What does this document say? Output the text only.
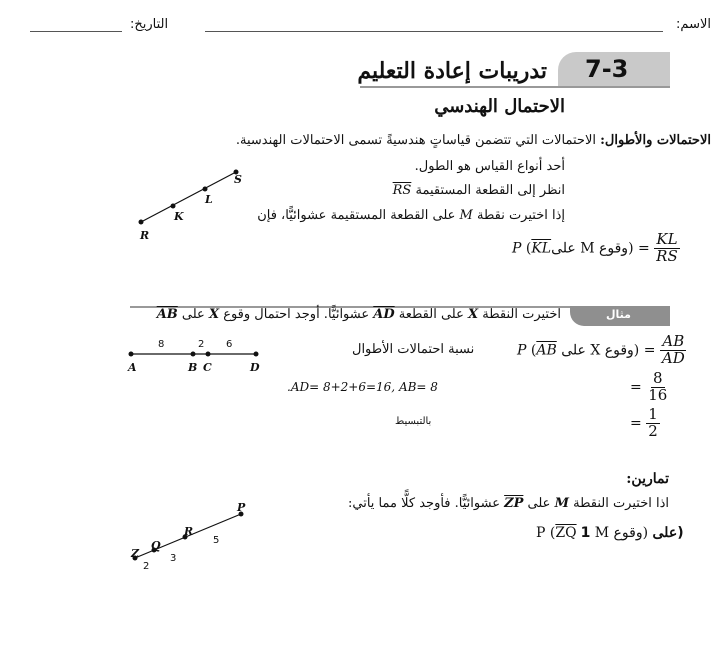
الاسم:
التاريخ:
7-3
تدريبات إعادة التعليم
الاحتمال الهندسي
الاحتمالات والأطوال: الاحتمالات التي تتضمن قياساتٍ هندسيةً تسمى الاحتمالات الهندسية.
أحد أنواع القياس هو الطول.
انظر إلى القطعة المستقيمة RS
إذا اختيرت نقطة M على القطعة المستقيمة عشوائيًّا، فإن
P ($\overline{KL}على$ (وقوع $M = \frac{KL}{RS}$
R
K
L
S
مثال
اختيرت النقطة X على القطعة AD عشوائيًّا. أوجد احتمال وقوع X على AB
8	2 6
A	B C	D
نسبة احتمالات الأطوال	P ($\overline{AB}$ (وقوع X على = $\frac{AB}{AD}$
.AD= 8+2+6=16, AB= 8	= $\frac{8}{16}$
بالتبسيط	= $\frac{1}{2}$
تمارين:
اذا اختيرت النقطة M على ZP عشوائيًّا. فأوجد كلًّا مما يأتي:
P ($\overline{ZQ}$	على (وقوع M 1)
Z
Q
R
P
2
3
5
